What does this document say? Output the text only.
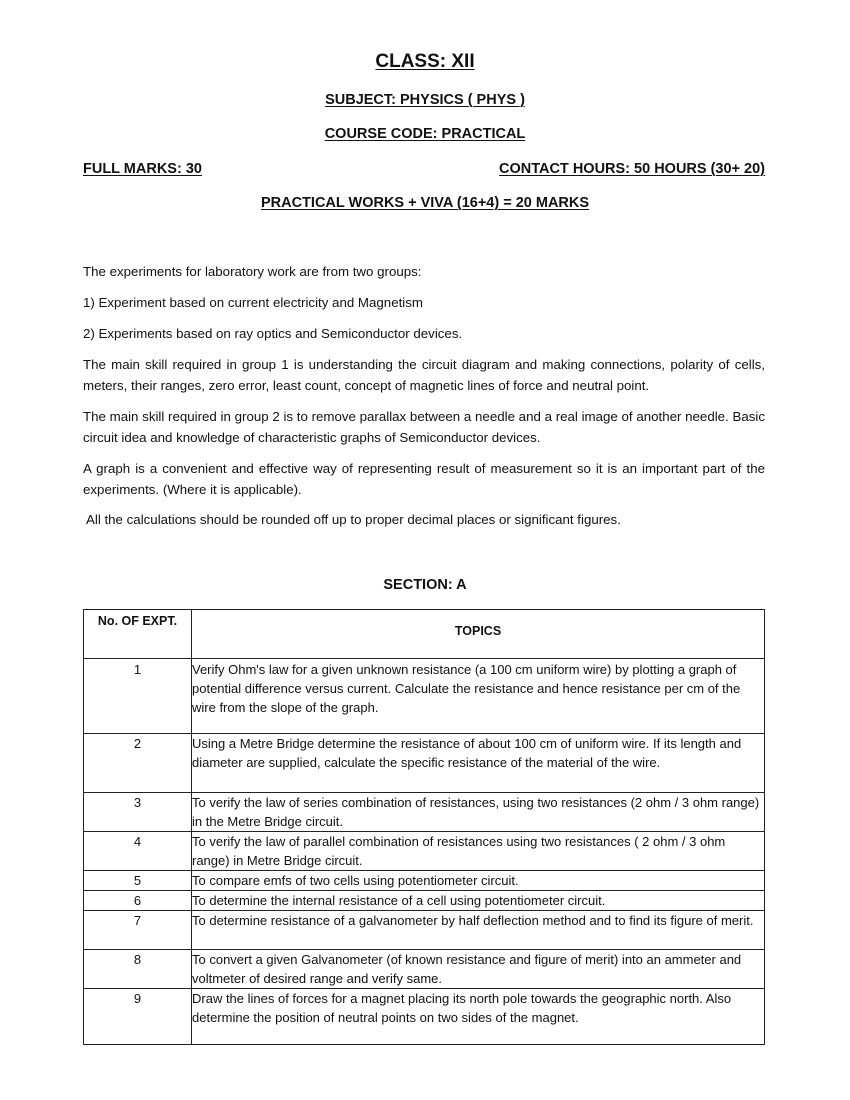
CLASS: XII
SUBJECT: PHYSICS ( PHYS )
COURSE CODE: PRACTICAL
FULL MARKS: 30	CONTACT HOURS: 50 HOURS (30+ 20)
PRACTICAL WORKS + VIVA (16+4) = 20 MARKS
The experiments for laboratory work are from two groups:
1) Experiment based on current electricity and Magnetism
2) Experiments based on ray optics and Semiconductor devices.
The main skill required in group 1 is understanding the circuit diagram and making connections, polarity of cells, meters, their ranges, zero error, least count, concept of magnetic lines of force and neutral point.
The main skill required in group 2 is to remove parallax between a needle and a real image of another needle. Basic circuit idea and knowledge of characteristic graphs of Semiconductor devices.
A graph is a convenient and effective way of representing result of measurement so it is an important part of the experiments. (Where it is applicable).
All the calculations should be rounded off up to proper decimal places or significant figures.
SECTION: A
No. OF EXPT.	TOPICS
1	Verify Ohm's law for a given unknown resistance (a 100 cm uniform wire) by plotting a graph of potential difference versus current. Calculate the resistance and hence resistance per cm of the wire from the slope of the graph.
2	Using a Metre Bridge determine the resistance of about 100 cm of uniform wire. If its length and diameter are supplied, calculate the specific resistance of the material of the wire.
3	To verify the law of series combination of resistances, using two resistances (2 ohm / 3 ohm range) in the Metre Bridge circuit.
4	To verify the law of parallel combination of resistances using two resistances ( 2 ohm / 3 ohm range) in Metre Bridge circuit.
5	To compare emfs of two cells using potentiometer circuit.
6	To determine the internal resistance of a cell using potentiometer circuit.
7	To determine resistance of a galvanometer by half deflection method and to find its figure of merit.
8	To convert a given Galvanometer (of known resistance and figure of merit) into an ammeter and voltmeter of desired range and verify same.
9	Draw the lines of forces for a magnet placing its north pole towards the geographic north. Also determine the position of neutral points on two sides of the magnet.
